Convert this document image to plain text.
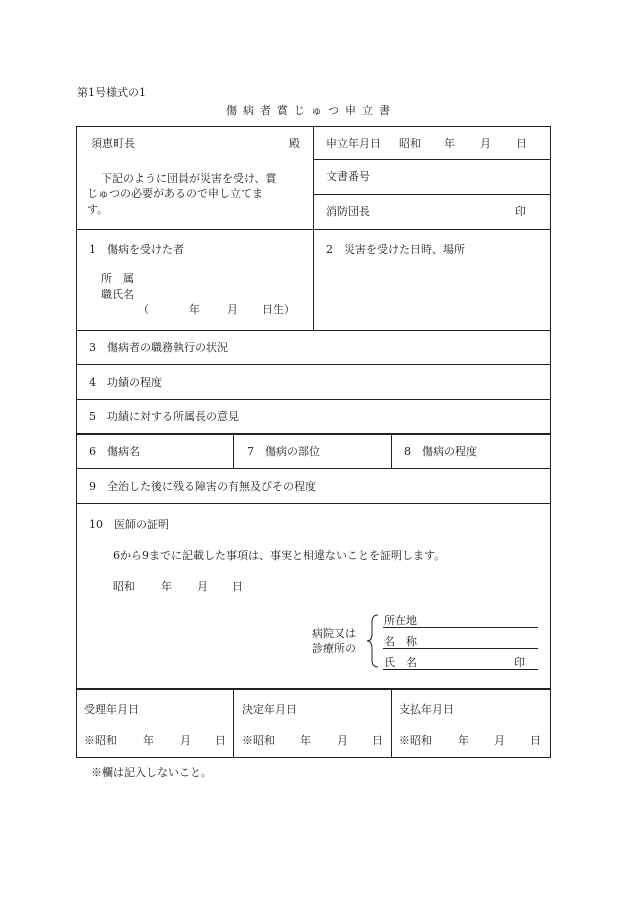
第1号様式の1
傷病者賞じゅつ申立書
須恵町長	殿
下記のように団員が災害を受け、賞
じゅつの必要があるので申し立てま
す。
申立年月日 昭和 年 月 日
文書番号
消防団長	印
1　傷病を受けた者
所　属
職氏名
（	年 月 日生）
2　災害を受けた日時、場所
3　傷病者の職務執行の状況
4　功績の程度
5　功績に対する所属長の意見
6　傷病名	7　傷病の部位	8　傷病の程度
9　全治した後に残る障害の有無及びその程度
10　医師の証明
6から9までに記載した事項は、事実と相違ないことを証明します。
昭和 年 月 日
病院又は
診療所の
所在地
名　称
氏　名	印
受理年月日
※昭和 年 月 日
決定年月日
※昭和 年 月 日
支払年月日
※昭和 年 月 日
※欄は記入しないこと。
